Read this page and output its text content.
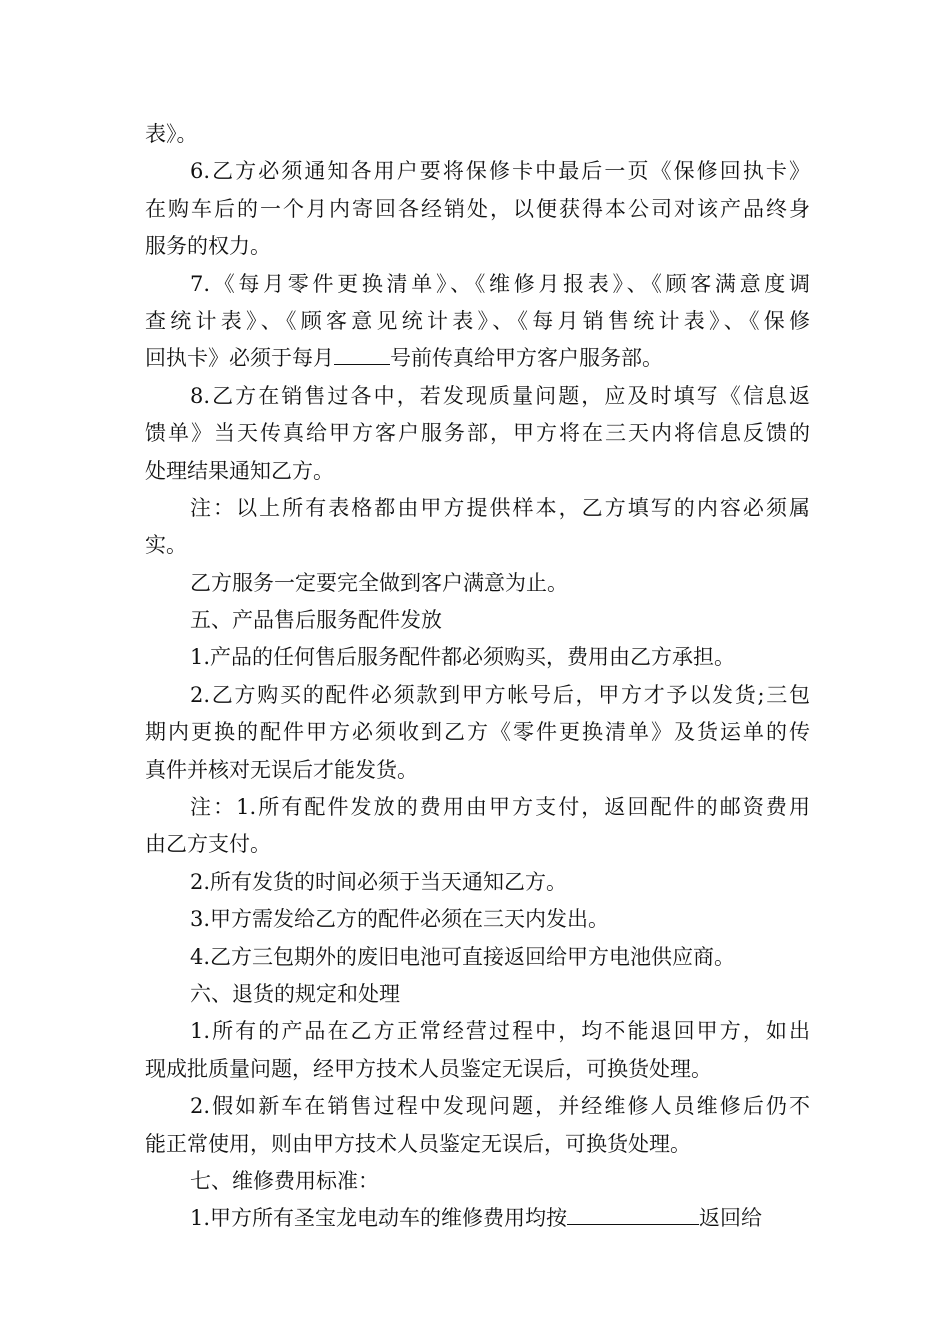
表》。
6.乙方必须通知各用户要将保修卡中最后一页《保修回执卡》
在购车后的一个月内寄回各经销处，以便获得本公司对该产品终身
服务的权力。
7.《每月零件更换清单》、《维修月报表》、《顾客满意度调
查统计表》、《顾客意见统计表》、《每月销售统计表》、《保修
回执卡》必须于每月	号前传真给甲方客户服务部。
8.乙方在销售过各中，若发现质量问题，应及时填写《信息返
馈单》当天传真给甲方客户服务部，甲方将在三天内将信息反馈的
处理结果通知乙方。
注：以上所有表格都由甲方提供样本，乙方填写的内容必须属
实。
乙方服务一定要完全做到客户满意为止。
五、产品售后服务配件发放
1.产品的任何售后服务配件都必须购买，费用由乙方承担。
2.乙方购买的配件必须款到甲方帐号后，甲方才予以发货;三包
期内更换的配件甲方必须收到乙方《零件更换清单》及货运单的传
真件并核对无误后才能发货。
注：1.所有配件发放的费用由甲方支付，返回配件的邮资费用
由乙方支付。
2.所有发货的时间必须于当天通知乙方。
3.甲方需发给乙方的配件必须在三天内发出。
4.乙方三包期外的废旧电池可直接返回给甲方电池供应商。
六、退货的规定和处理
1.所有的产品在乙方正常经营过程中，均不能退回甲方，如出
现成批质量问题，经甲方技术人员鉴定无误后，可换货处理。
2.假如新车在销售过程中发现问题，并经维修人员维修后仍不
能正常使用，则由甲方技术人员鉴定无误后，可换货处理。
七、维修费用标准：
1.甲方所有圣宝龙电动车的维修费用均按	返回给
